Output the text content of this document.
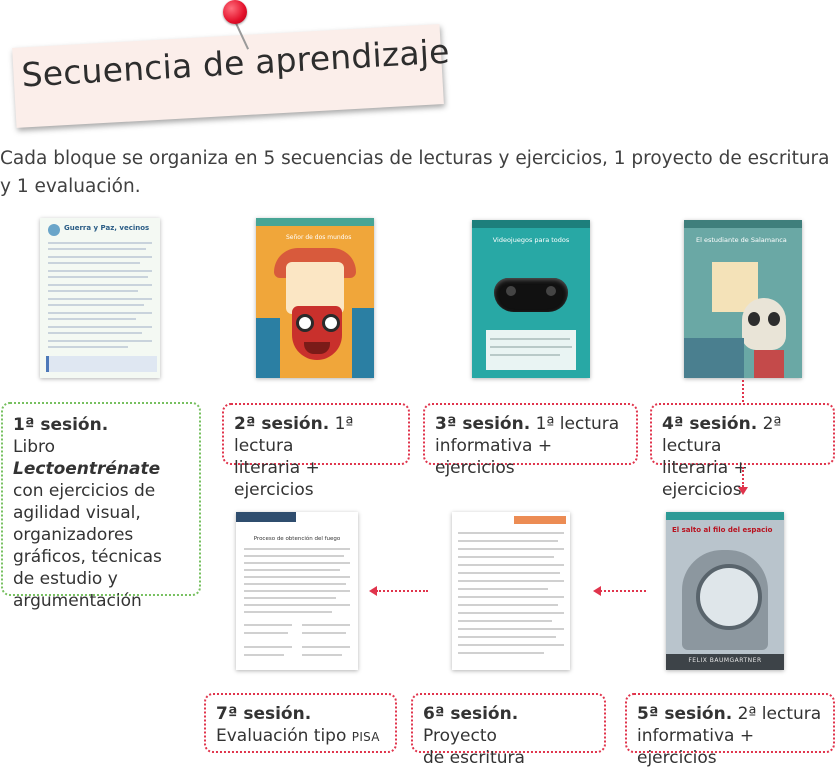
Secuencia de aprendizaje
Cada bloque se organiza en 5 secuencias de lecturas y ejercicios, 1 proyecto de escritura y 1 evaluación.
Guerra y Paz, vecinos
Señor de dos mundos	Videojuegos para todos	El estudiante de Salamanca
El salto al filo del espacio
FELIX BAUMGARTNER
Proceso de obtención del fuego
1ª sesión.
Libro Lectoentrénate

con ejercicios de agilidad visual, organizadores gráficos, técnicas de estudio y argumentación
2ª sesión. 1ª lectura
literaria + ejercicios
3ª sesión. 1ª lectura
informativa + ejercicios
4ª sesión. 2ª lectura
literaria + ejercicios
7ª sesión.
Evaluación tipo PISA
6ª sesión. Proyecto
de escritura
5ª sesión. 2ª lectura
informativa + ejercicios
